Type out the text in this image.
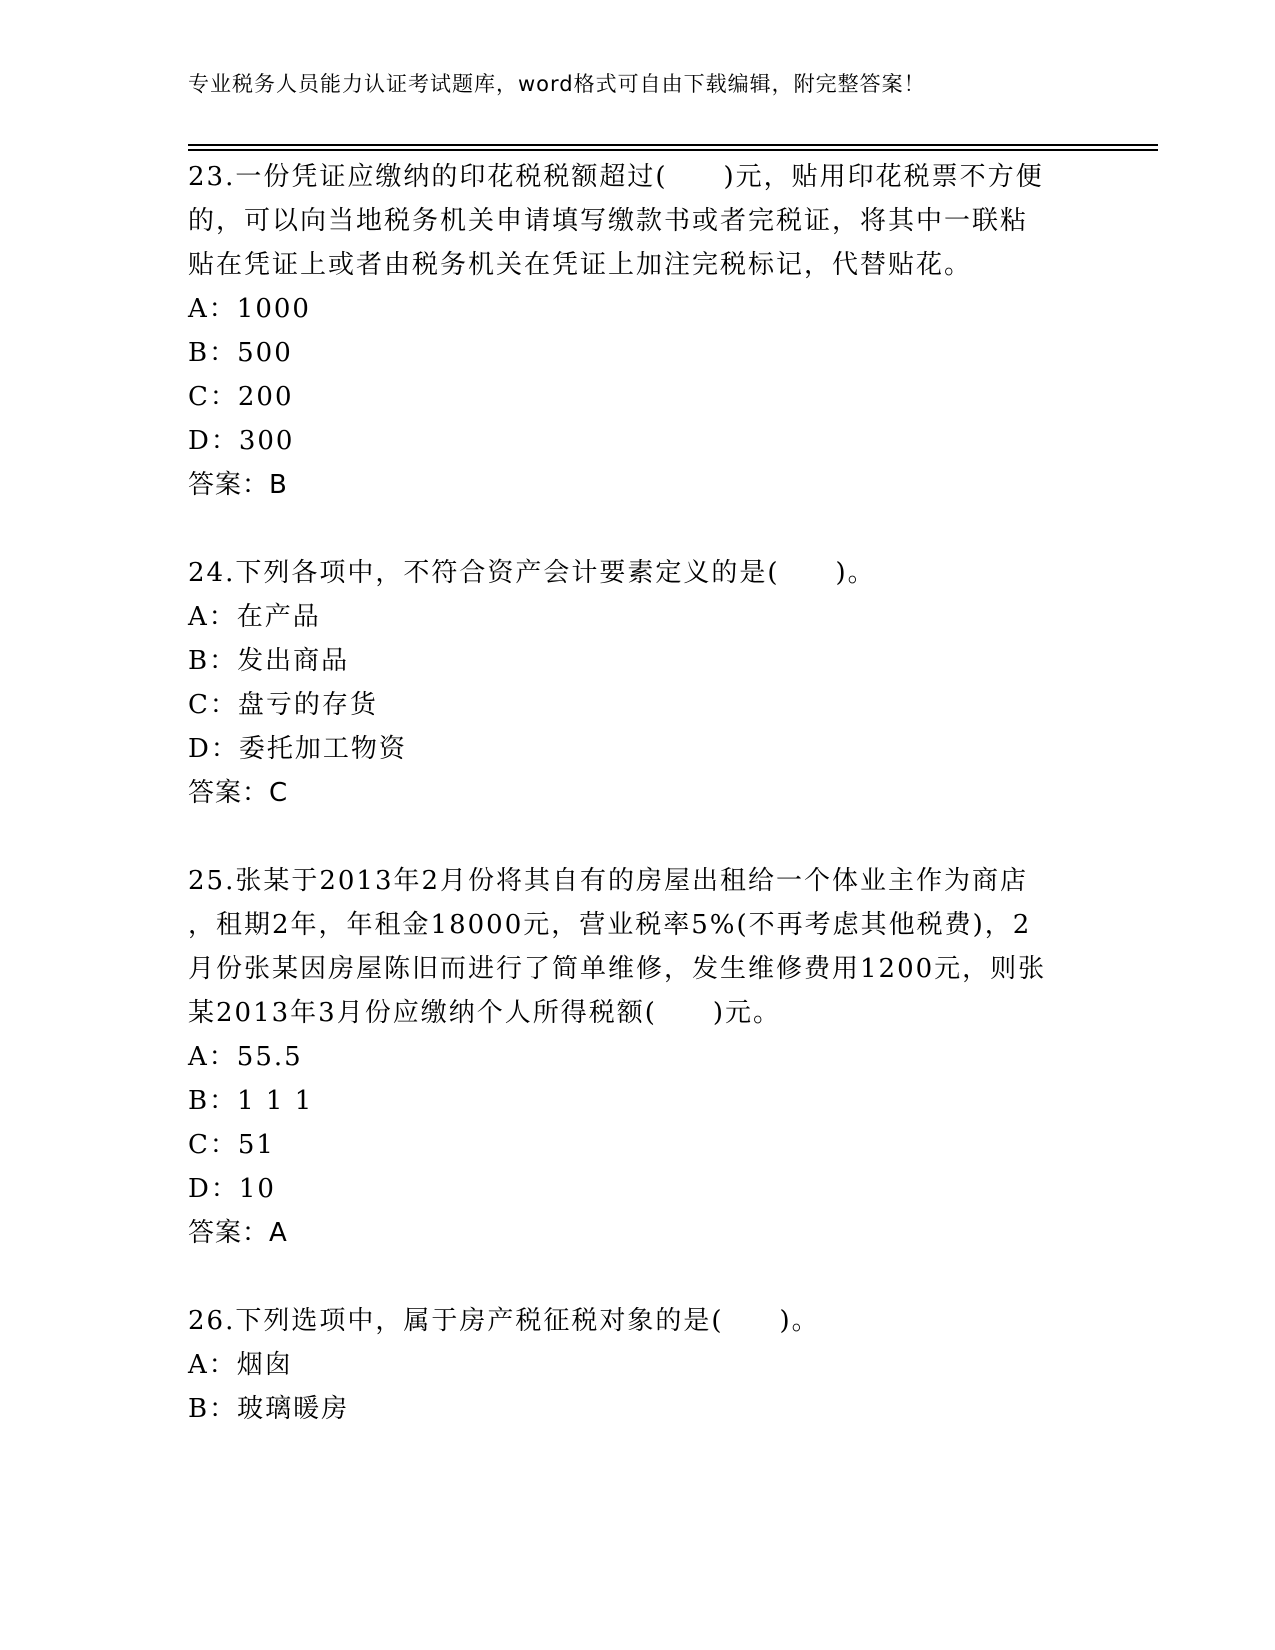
专业税务人员能力认证考试题库，word格式可自由下载编辑，附完整答案！
23.一份凭证应缴纳的印花税税额超过(　　)元，贴用印花税票不方便
的，可以向当地税务机关申请填写缴款书或者完税证，将其中一联粘
贴在凭证上或者由税务机关在凭证上加注完税标记，代替贴花。
A：1000
B：500
C：200
D：300
答案：B
24.下列各项中，不符合资产会计要素定义的是(　　)。
A：在产品
B：发出商品
C：盘亏的存货
D：委托加工物资
答案：C
25.张某于2013年2月份将其自有的房屋出租给一个体业主作为商店
，租期2年，年租金18000元，营业税率5%(不再考虑其他税费)，2
月份张某因房屋陈旧而进行了简单维修，发生维修费用1200元，则张
某2013年3月份应缴纳个人所得税额(　　)元。
A：55.5
B：1 1 1
C：51
D：10
答案：A
26.下列选项中，属于房产税征税对象的是(　　)。
A：烟囱
B：玻璃暖房
